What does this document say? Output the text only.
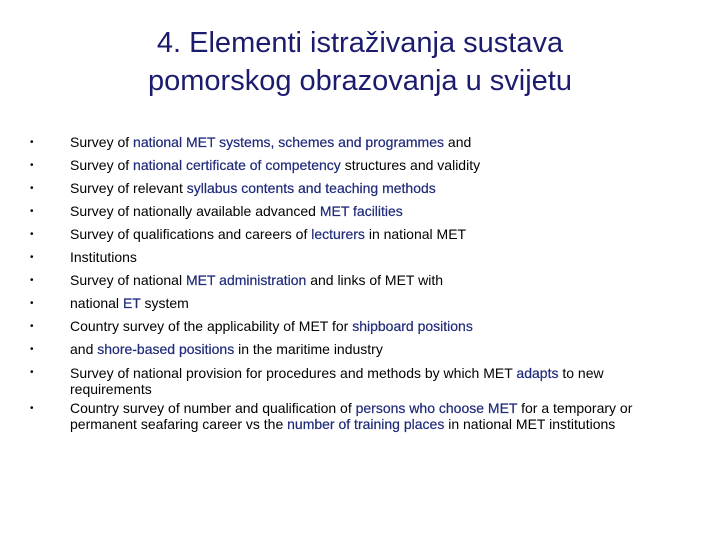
4. Elementi istraživanja sustava
pomorskog obrazovanja u svijetu
•	Survey of national MET systems, schemes and programmes and
•	Survey of national certificate of competency structures and validity
•	Survey of relevant syllabus contents and teaching methods
•	Survey of nationally available advanced MET facilities
•	Survey of qualifications and careers of lecturers in national MET
•	Institutions
•	Survey of national MET administration and links of MET with
•	national ET system
•	Country survey of the applicability of MET for shipboard positions
•	and shore-based positions in the maritime industry
•	Survey of national provision for procedures and methods by which MET adapts to new requirements
•	Country survey of number and qualification of persons who choose MET for a temporary or permanent seafaring career vs the number of training places in national MET institutions
